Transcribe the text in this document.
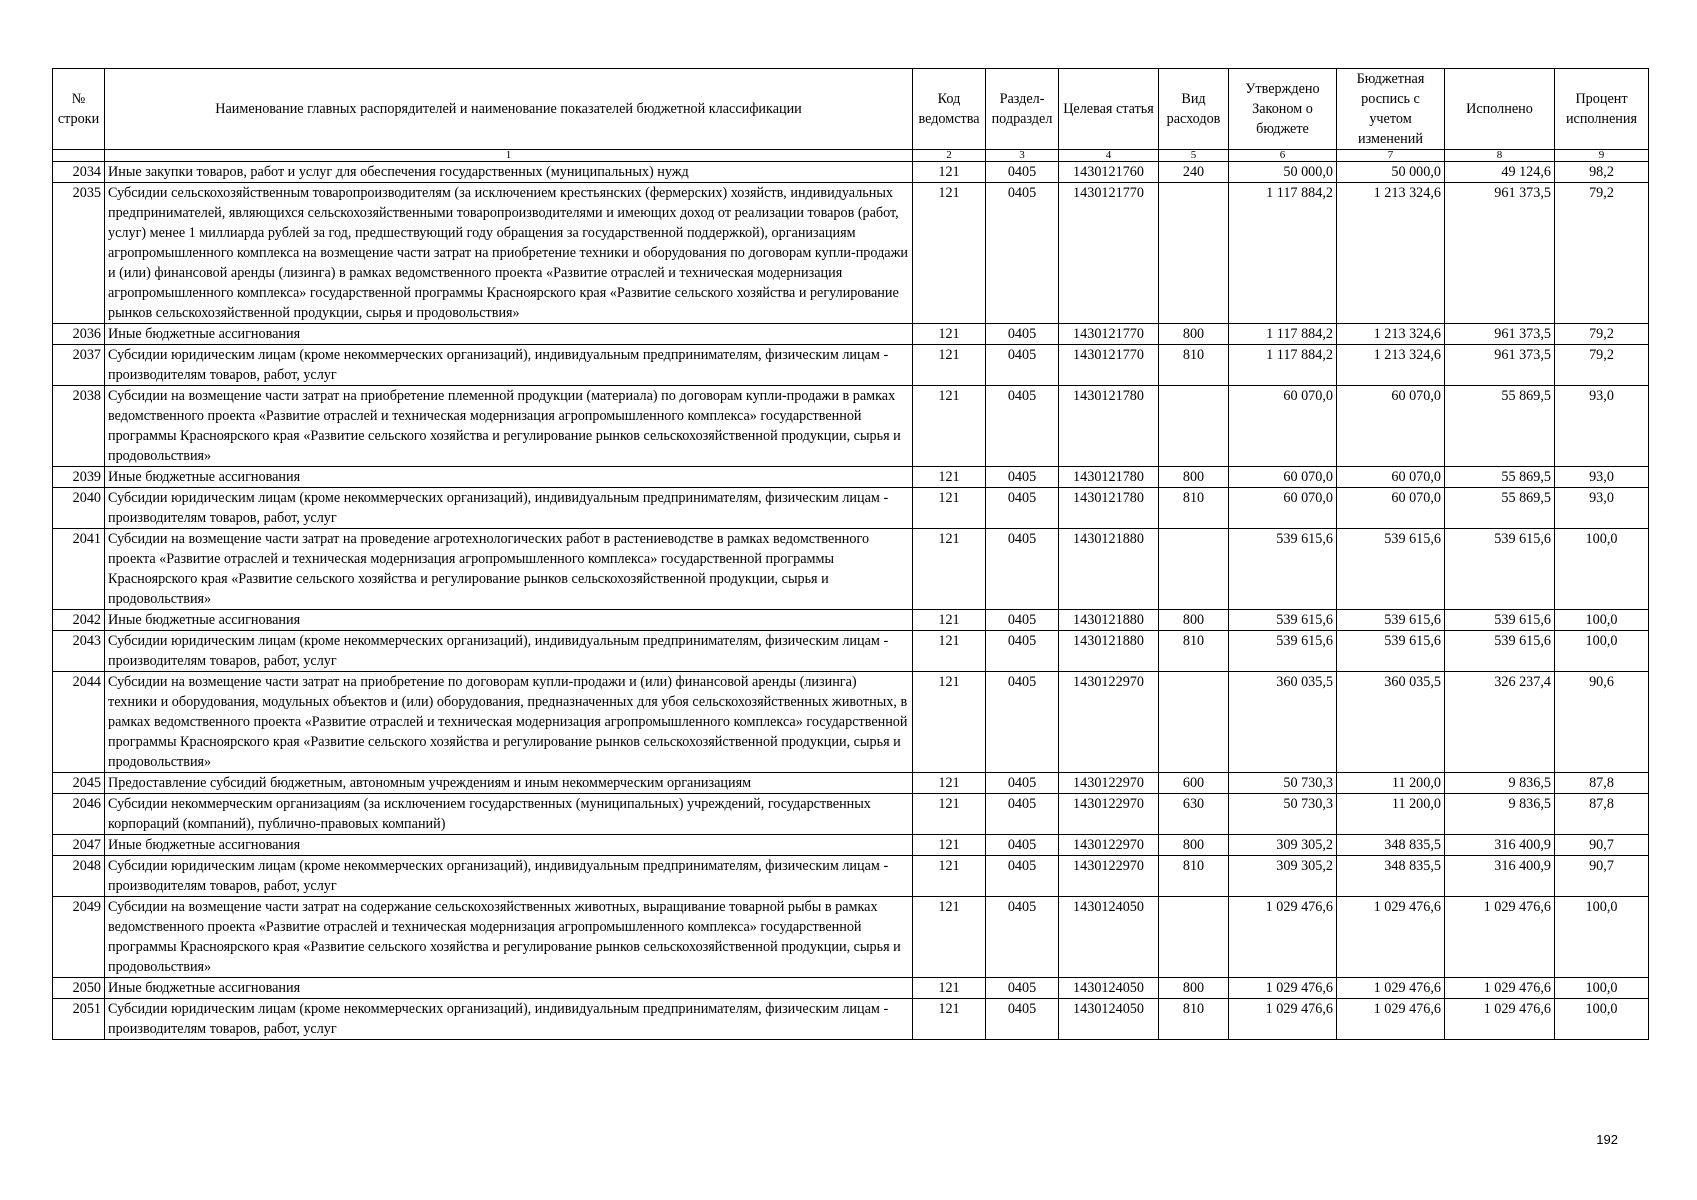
№ строки	Наименование главных распорядителей и наименование показателей бюджетной классификации	Код ведомства	Раздел-подраздел	Целевая статья	Вид расходов	Утверждено Законом о бюджете	Бюджетная роспись с учетом изменений	Исполнено	Процент исполнения
	1	2	3	4	5	6	7	8	9
2034	Иные закупки товаров, работ и услуг для обеспечения государственных (муниципальных) нужд	121	0405	1430121760	240	50 000,0	50 000,0	49 124,6	98,2
2035	Субсидии сельскохозяйственным товаропроизводителям (за исключением крестьянских (фермерских) хозяйств, индивидуальных предпринимателей, являющихся сельскохозяйственными товаропроизводителями и имеющих доход от реализации товаров (работ, услуг) менее 1 миллиарда рублей за год, предшествующий году обращения за государственной поддержкой), организациям агропромышленного комплекса на возмещение части затрат на приобретение техники и оборудования по договорам купли-продажи и (или) финансовой аренды (лизинга) в рамках ведомственного проекта «Развитие отраслей и техническая модернизация агропромышленного комплекса» государственной программы Красноярского края «Развитие сельского хозяйства и регулирование рынков сельскохозяйственной продукции, сырья и продовольствия»	121	0405	1430121770		1 117 884,2	1 213 324,6	961 373,5	79,2
2036	Иные бюджетные ассигнования	121	0405	1430121770	800	1 117 884,2	1 213 324,6	961 373,5	79,2
2037	Субсидии юридическим лицам (кроме некоммерческих организаций), индивидуальным предпринимателям, физическим лицам - производителям товаров, работ, услуг	121	0405	1430121770	810	1 117 884,2	1 213 324,6	961 373,5	79,2
2038	Субсидии на возмещение части затрат на приобретение племенной продукции (материала) по договорам купли-продажи в рамках ведомственного проекта «Развитие отраслей и техническая модернизация агропромышленного комплекса» государственной программы Красноярского края «Развитие сельского хозяйства и регулирование рынков сельскохозяйственной продукции, сырья и продовольствия»	121	0405	1430121780		60 070,0	60 070,0	55 869,5	93,0
2039	Иные бюджетные ассигнования	121	0405	1430121780	800	60 070,0	60 070,0	55 869,5	93,0
2040	Субсидии юридическим лицам (кроме некоммерческих организаций), индивидуальным предпринимателям, физическим лицам - производителям товаров, работ, услуг	121	0405	1430121780	810	60 070,0	60 070,0	55 869,5	93,0
2041	Субсидии на возмещение части затрат на проведение агротехнологических работ в растениеводстве в рамках ведомственного проекта «Развитие отраслей и техническая модернизация агропромышленного комплекса» государственной программы Красноярского края «Развитие сельского хозяйства и регулирование рынков сельскохозяйственной продукции, сырья и продовольствия»	121	0405	1430121880		539 615,6	539 615,6	539 615,6	100,0
2042	Иные бюджетные ассигнования	121	0405	1430121880	800	539 615,6	539 615,6	539 615,6	100,0
2043	Субсидии юридическим лицам (кроме некоммерческих организаций), индивидуальным предпринимателям, физическим лицам - производителям товаров, работ, услуг	121	0405	1430121880	810	539 615,6	539 615,6	539 615,6	100,0
2044	Субсидии на возмещение части затрат на приобретение по договорам купли-продажи и (или) финансовой аренды (лизинга) техники и оборудования, модульных объектов и (или) оборудования, предназначенных для убоя сельскохозяйственных животных, в рамках ведомственного проекта «Развитие отраслей и техническая модернизация агропромышленного комплекса» государственной программы Красноярского края «Развитие сельского хозяйства и регулирование рынков сельскохозяйственной продукции, сырья и продовольствия»	121	0405	1430122970		360 035,5	360 035,5	326 237,4	90,6
2045	Предоставление субсидий бюджетным, автономным учреждениям и иным некоммерческим организациям	121	0405	1430122970	600	50 730,3	11 200,0	9 836,5	87,8
2046	Субсидии некоммерческим организациям (за исключением государственных (муниципальных) учреждений, государственных корпораций (компаний), публично-правовых компаний)	121	0405	1430122970	630	50 730,3	11 200,0	9 836,5	87,8
2047	Иные бюджетные ассигнования	121	0405	1430122970	800	309 305,2	348 835,5	316 400,9	90,7
2048	Субсидии юридическим лицам (кроме некоммерческих организаций), индивидуальным предпринимателям, физическим лицам - производителям товаров, работ, услуг	121	0405	1430122970	810	309 305,2	348 835,5	316 400,9	90,7
2049	Субсидии на возмещение части затрат на содержание сельскохозяйственных животных, выращивание товарной рыбы в рамках ведомственного проекта «Развитие отраслей и техническая модернизация агропромышленного комплекса» государственной программы Красноярского края «Развитие сельского хозяйства и регулирование рынков сельскохозяйственной продукции, сырья и продовольствия»	121	0405	1430124050		1 029 476,6	1 029 476,6	1 029 476,6	100,0
2050	Иные бюджетные ассигнования	121	0405	1430124050	800	1 029 476,6	1 029 476,6	1 029 476,6	100,0
2051	Субсидии юридическим лицам (кроме некоммерческих организаций), индивидуальным предпринимателям, физическим лицам - производителям товаров, работ, услуг	121	0405	1430124050	810	1 029 476,6	1 029 476,6	1 029 476,6	100,0
192
